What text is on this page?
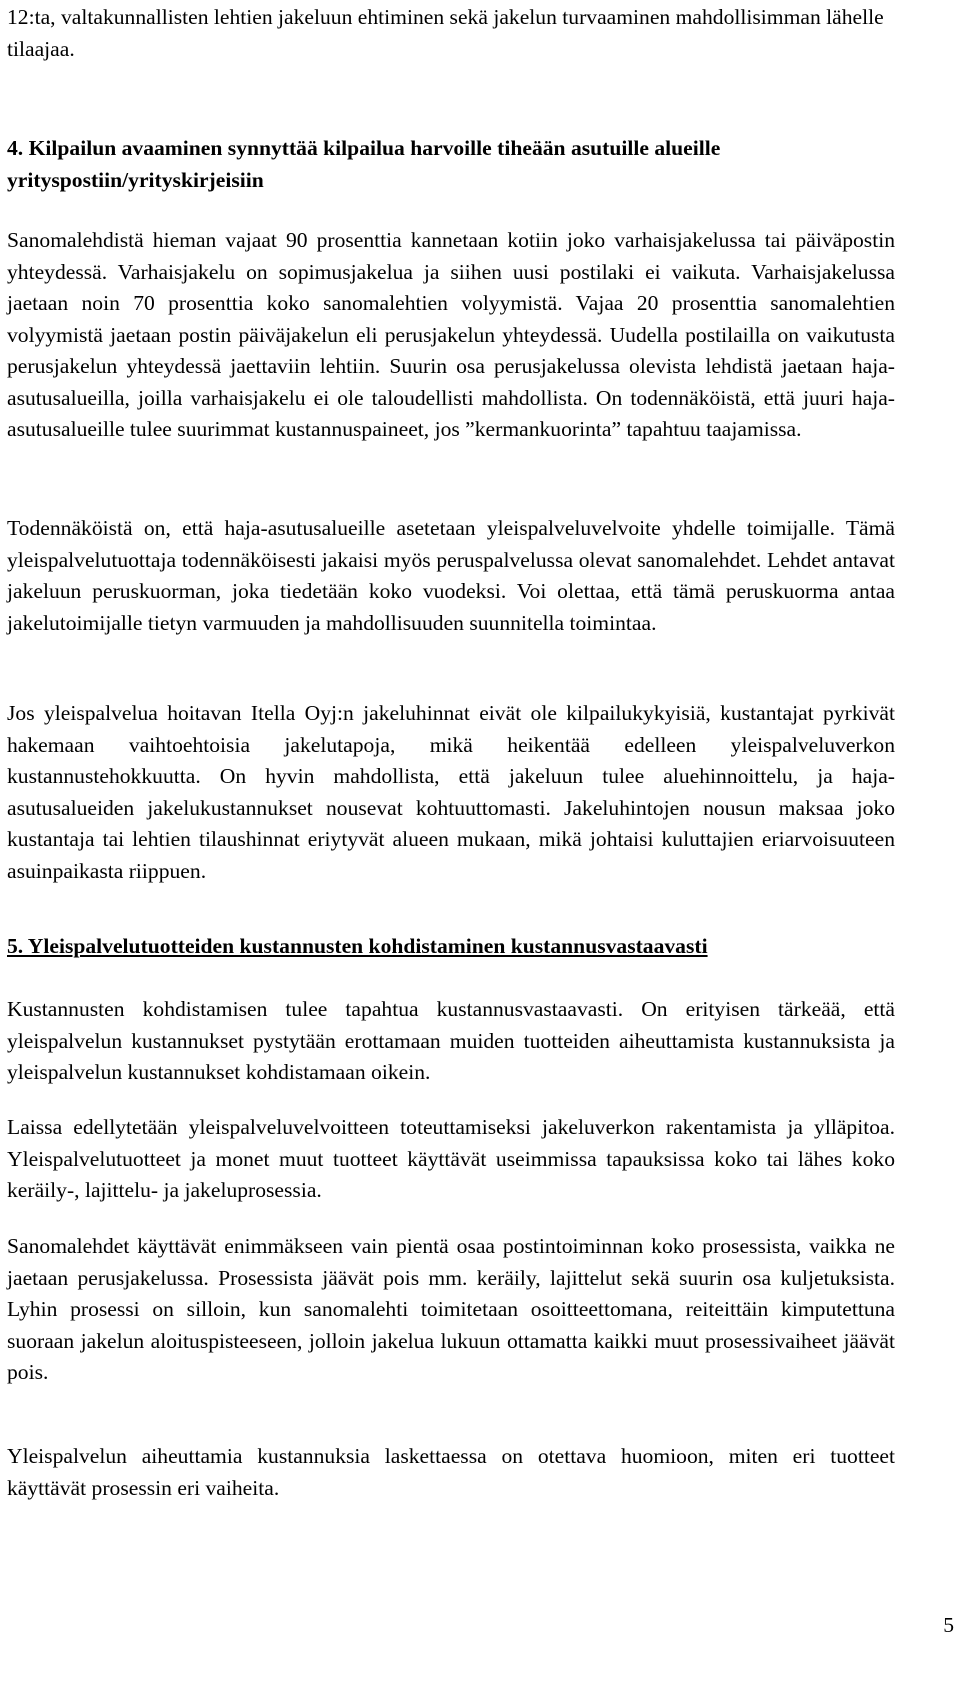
12:ta, valtakunnallisten lehtien jakeluun ehtiminen sekä jakelun turvaaminen mahdollisimman lähelle tilaajaa.

4. Kilpailun avaaminen synnyttää kilpailua harvoille tiheään asutuille alueille yrityspostiin/yrityskirjeisiin

Sanomalehdistä hieman vajaat 90 prosenttia kannetaan kotiin joko varhaisjakelussa tai päiväpostin yhteydessä. Varhaisjakelu on sopimusjakelua ja siihen uusi postilaki ei vaikuta. Varhaisjakelussa jaetaan noin 70 prosenttia koko sanomalehtien volyymistä. Vajaa 20 prosenttia sanomalehtien volyymistä jaetaan postin päiväjakelun eli perusjakelun yhteydessä. Uudella postilailla on vaikutusta perusjakelun yhteydessä jaettaviin lehtiin. Suurin osa perusjakelussa olevista lehdistä jaetaan haja-asutusalueilla, joilla varhaisjakelu ei ole taloudellisti mahdollista. On todennäköistä, että juuri haja-asutusalueille tulee suurimmat kustannuspaineet, jos ”kermankuorinta” tapahtuu taajamissa.

Todennäköistä on, että haja-asutusalueille asetetaan yleispalveluvelvoite yhdelle toimijalle. Tämä yleispalvelutuottaja todennäköisesti jakaisi myös peruspalvelussa olevat sanomalehdet. Lehdet antavat jakeluun peruskuorman, joka tiedetään koko vuodeksi. Voi olettaa, että tämä peruskuorma antaa jakelutoimijalle tietyn varmuuden ja mahdollisuuden suunnitella toimintaa.

Jos yleispalvelua hoitavan Itella Oyj:n jakeluhinnat eivät ole kilpailukykyisiä, kustantajat pyrkivät hakemaan vaihtoehtoisia jakelutapoja, mikä heikentää edelleen yleispalveluverkon kustannustehokkuutta. On hyvin mahdollista, että jakeluun tulee aluehinnoittelu, ja haja-asutusalueiden jakelukustannukset nousevat kohtuuttomasti. Jakeluhintojen nousun maksaa joko kustantaja tai lehtien tilaushinnat eriytyvät alueen mukaan, mikä johtaisi kuluttajien eriarvoisuuteen asuinpaikasta riippuen.

5. Yleispalvelutuotteiden kustannusten kohdistaminen kustannusvastaavasti

Kustannusten kohdistamisen tulee tapahtua kustannusvastaavasti. On erityisen tärkeää, että yleispalvelun kustannukset pystytään erottamaan muiden tuotteiden aiheuttamista kustannuksista ja yleispalvelun kustannukset kohdistamaan oikein.

Laissa edellytetään yleispalveluvelvoitteen toteuttamiseksi jakeluverkon rakentamista ja ylläpitoa. Yleispalvelutuotteet ja monet muut tuotteet käyttävät useimmissa tapauksissa koko tai lähes koko keräily-, lajittelu- ja jakeluprosessia.

Sanomalehdet käyttävät enimmäkseen vain pientä osaa postintoiminnan koko prosessista, vaikka ne jaetaan perusjakelussa. Prosessista jäävät pois mm. keräily, lajittelut sekä suurin osa kuljetuksista. Lyhin prosessi on silloin, kun sanomalehti toimitetaan osoitteettomana, reiteittäin kimputettuna suoraan jakelun aloituspisteeseen, jolloin jakelua lukuun ottamatta kaikki muut prosessivaiheet jäävät pois.

Yleispalvelun aiheuttamia kustannuksia laskettaessa on otettava huomioon, miten eri tuotteet käyttävät prosessin eri vaiheita.

5
